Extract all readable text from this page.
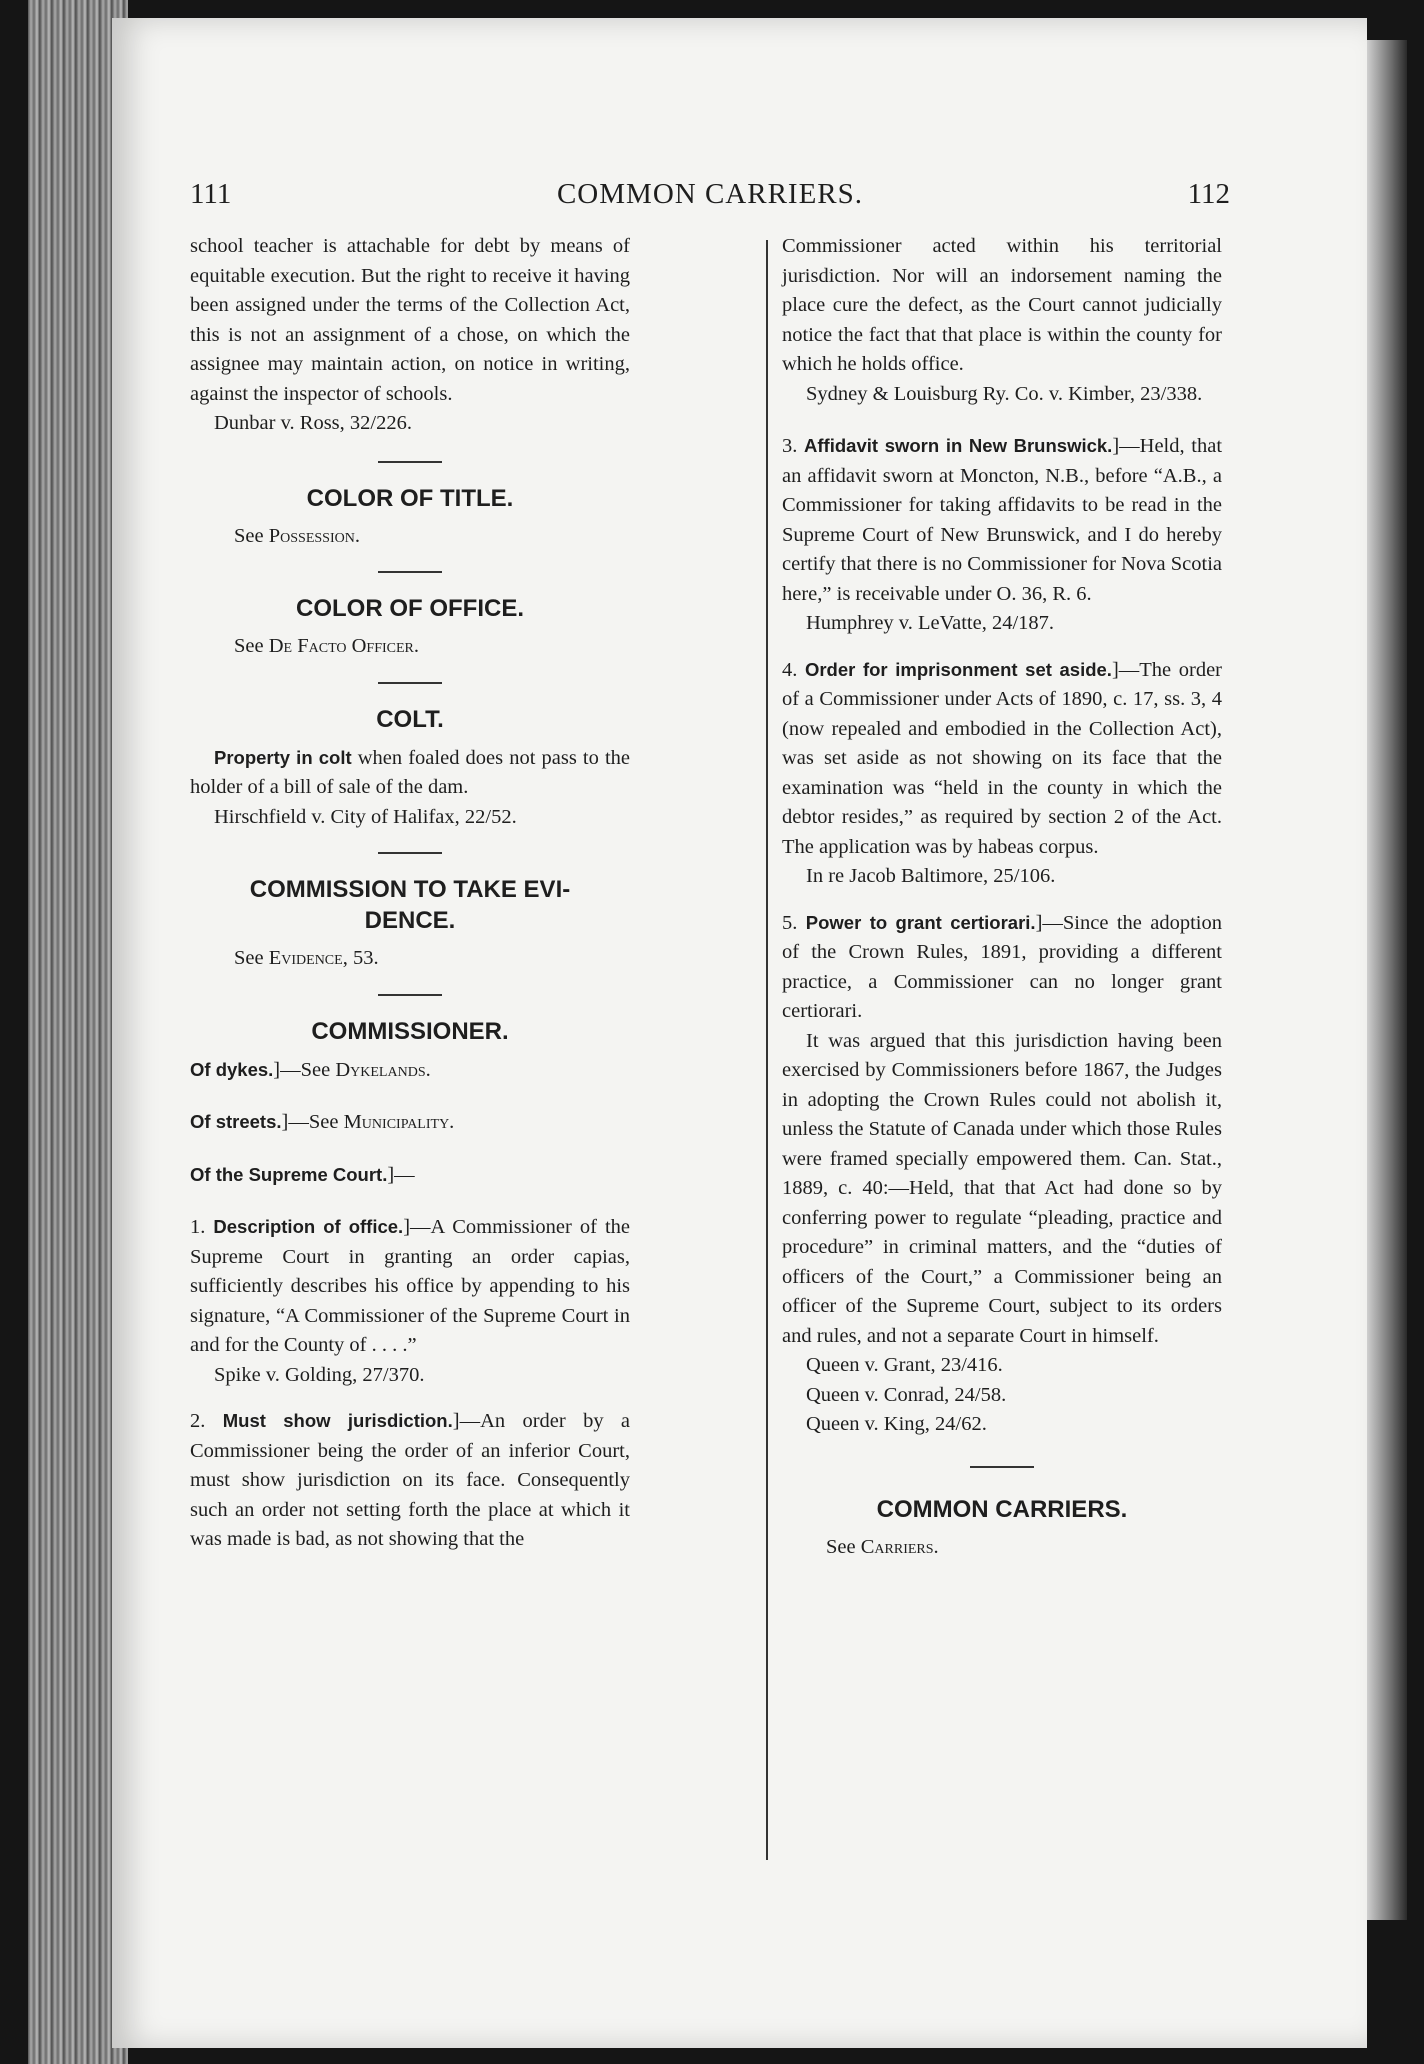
111	COMMON CARRIERS.	112

school teacher is attachable for debt by means of equitable execution. But the right to receive it having been assigned under the terms of the Collection Act, this is not an assignment of a chose, on which the assignee may maintain action, on notice in writing, against the inspector of schools.

Dunbar v. Ross, 32/226.

COLOR OF TITLE.

See Possession.

COLOR OF OFFICE.

See De Facto Officer.

COLT.

Property in colt when foaled does not pass to the holder of a bill of sale of the dam.

Hirschfield v. City of Halifax, 22/52.

COMMISSION TO TAKE EVI-
DENCE.

See Evidence, 53.

COMMISSIONER.

Of dykes.]—See Dykelands.

Of streets.]—See Municipality.

Of the Supreme Court.]—

1. Description of office.]—A Commissioner of the Supreme Court in granting an order capias, sufficiently describes his office by appending to his signature, “A Commissioner of the Supreme Court in and for the County of . . . .”

Spike v. Golding, 27/370.

2. Must show jurisdiction.]—An order by a Commissioner being the order of an inferior Court, must show jurisdiction on its face. Consequently such an order not setting forth the place at which it was made is bad, as not showing that the

Commissioner acted within his territorial jurisdiction. Nor will an indorsement naming the place cure the defect, as the Court cannot judicially notice the fact that that place is within the county for which he holds office.

Sydney & Louisburg Ry. Co. v. Kimber, 23/338.

3. Affidavit sworn in New Brunswick.]—Held, that an affidavit sworn at Moncton, N.B., before “A.B., a Commissioner for taking affidavits to be read in the Supreme Court of New Brunswick, and I do hereby certify that there is no Commissioner for Nova Scotia here,” is receivable under O. 36, R. 6.

Humphrey v. LeVatte, 24/187.

4. Order for imprisonment set aside.]—The order of a Commissioner under Acts of 1890, c. 17, ss. 3, 4 (now repealed and embodied in the Collection Act), was set aside as not showing on its face that the examination was “held in the county in which the debtor resides,” as required by section 2 of the Act. The application was by habeas corpus.

In re Jacob Baltimore, 25/106.

5. Power to grant certiorari.]—Since the adoption of the Crown Rules, 1891, providing a different practice, a Commissioner can no longer grant certiorari.

It was argued that this jurisdiction having been exercised by Commissioners before 1867, the Judges in adopting the Crown Rules could not abolish it, unless the Statute of Canada under which those Rules were framed specially empowered them. Can. Stat., 1889, c. 40:—Held, that that Act had done so by conferring power to regulate “pleading, practice and procedure” in criminal matters, and the “duties of officers of the Court,” a Commissioner being an officer of the Supreme Court, subject to its orders and rules, and not a separate Court in himself.

Queen v. Grant, 23/416.

Queen v. Conrad, 24/58.

Queen v. King, 24/62.

COMMON CARRIERS.

See Carriers.
